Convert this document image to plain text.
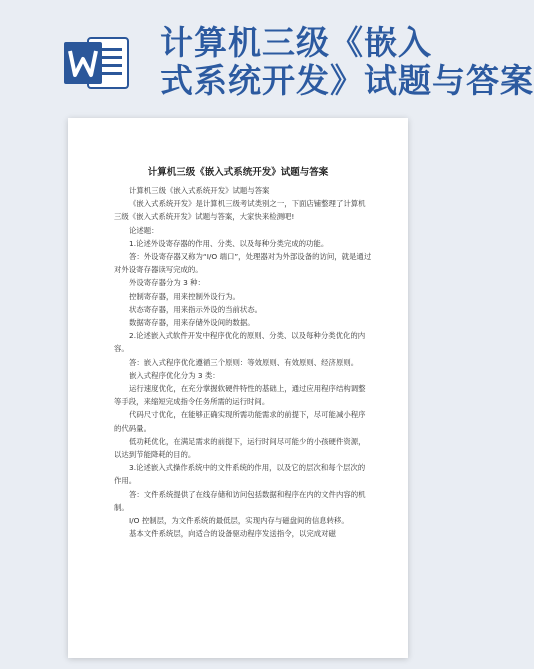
计算机三级《嵌入
式系统开发》试题与答案
计算机三级《嵌入式系统开发》试题与答案

计算机三级《嵌入式系统开发》试题与答案

《嵌入式系统开发》是计算机三级考试类别之一，下面店铺整理了计算机三级《嵌入式系统开发》试题与答案，大家快来检测吧!

论述题：

1.论述外设寄存器的作用、分类、以及每种分类完成的功能。

答：外设寄存器又称为“I/O 端口”，处理器对为外部设备的访问，就是通过对外设寄存器读写完成的。

外设寄存器分为 3 种：

控制寄存器，用来控制外设行为。

状态寄存器，用来指示外设的当前状态。

数据寄存器，用来存储外设间的数据。

2.论述嵌入式软件开发中程序优化的原则、分类、以及每种分类优化的内容。

答：嵌入式程序优化遵循三个原则：等效原则、有效原则、经济原则。

嵌入式程序优化分为 3 类：

运行速度优化，在充分掌握软硬件特性的基础上，通过应用程序结构调整等手段，来缩短完成指令任务所需的运行时间。

代码尺寸优化，在能够正确实现所需功能需求的前提下，尽可能减小程序的代码量。

低功耗优化，在满足需求的前提下，运行时间尽可能少的小孩硬件资源，以达到节能降耗的目的。

3.论述嵌入式操作系统中的文件系统的作用，以及它的层次和每个层次的作用。

答：文件系统提供了在线存储和访问包括数据和程序在内的文件内容的机制。

I/O 控制层，为文件系统的最低层，实现内存与磁盘间的信息转移。

基本文件系统层，向适合的设备驱动程序发送指令，以完成对磁
